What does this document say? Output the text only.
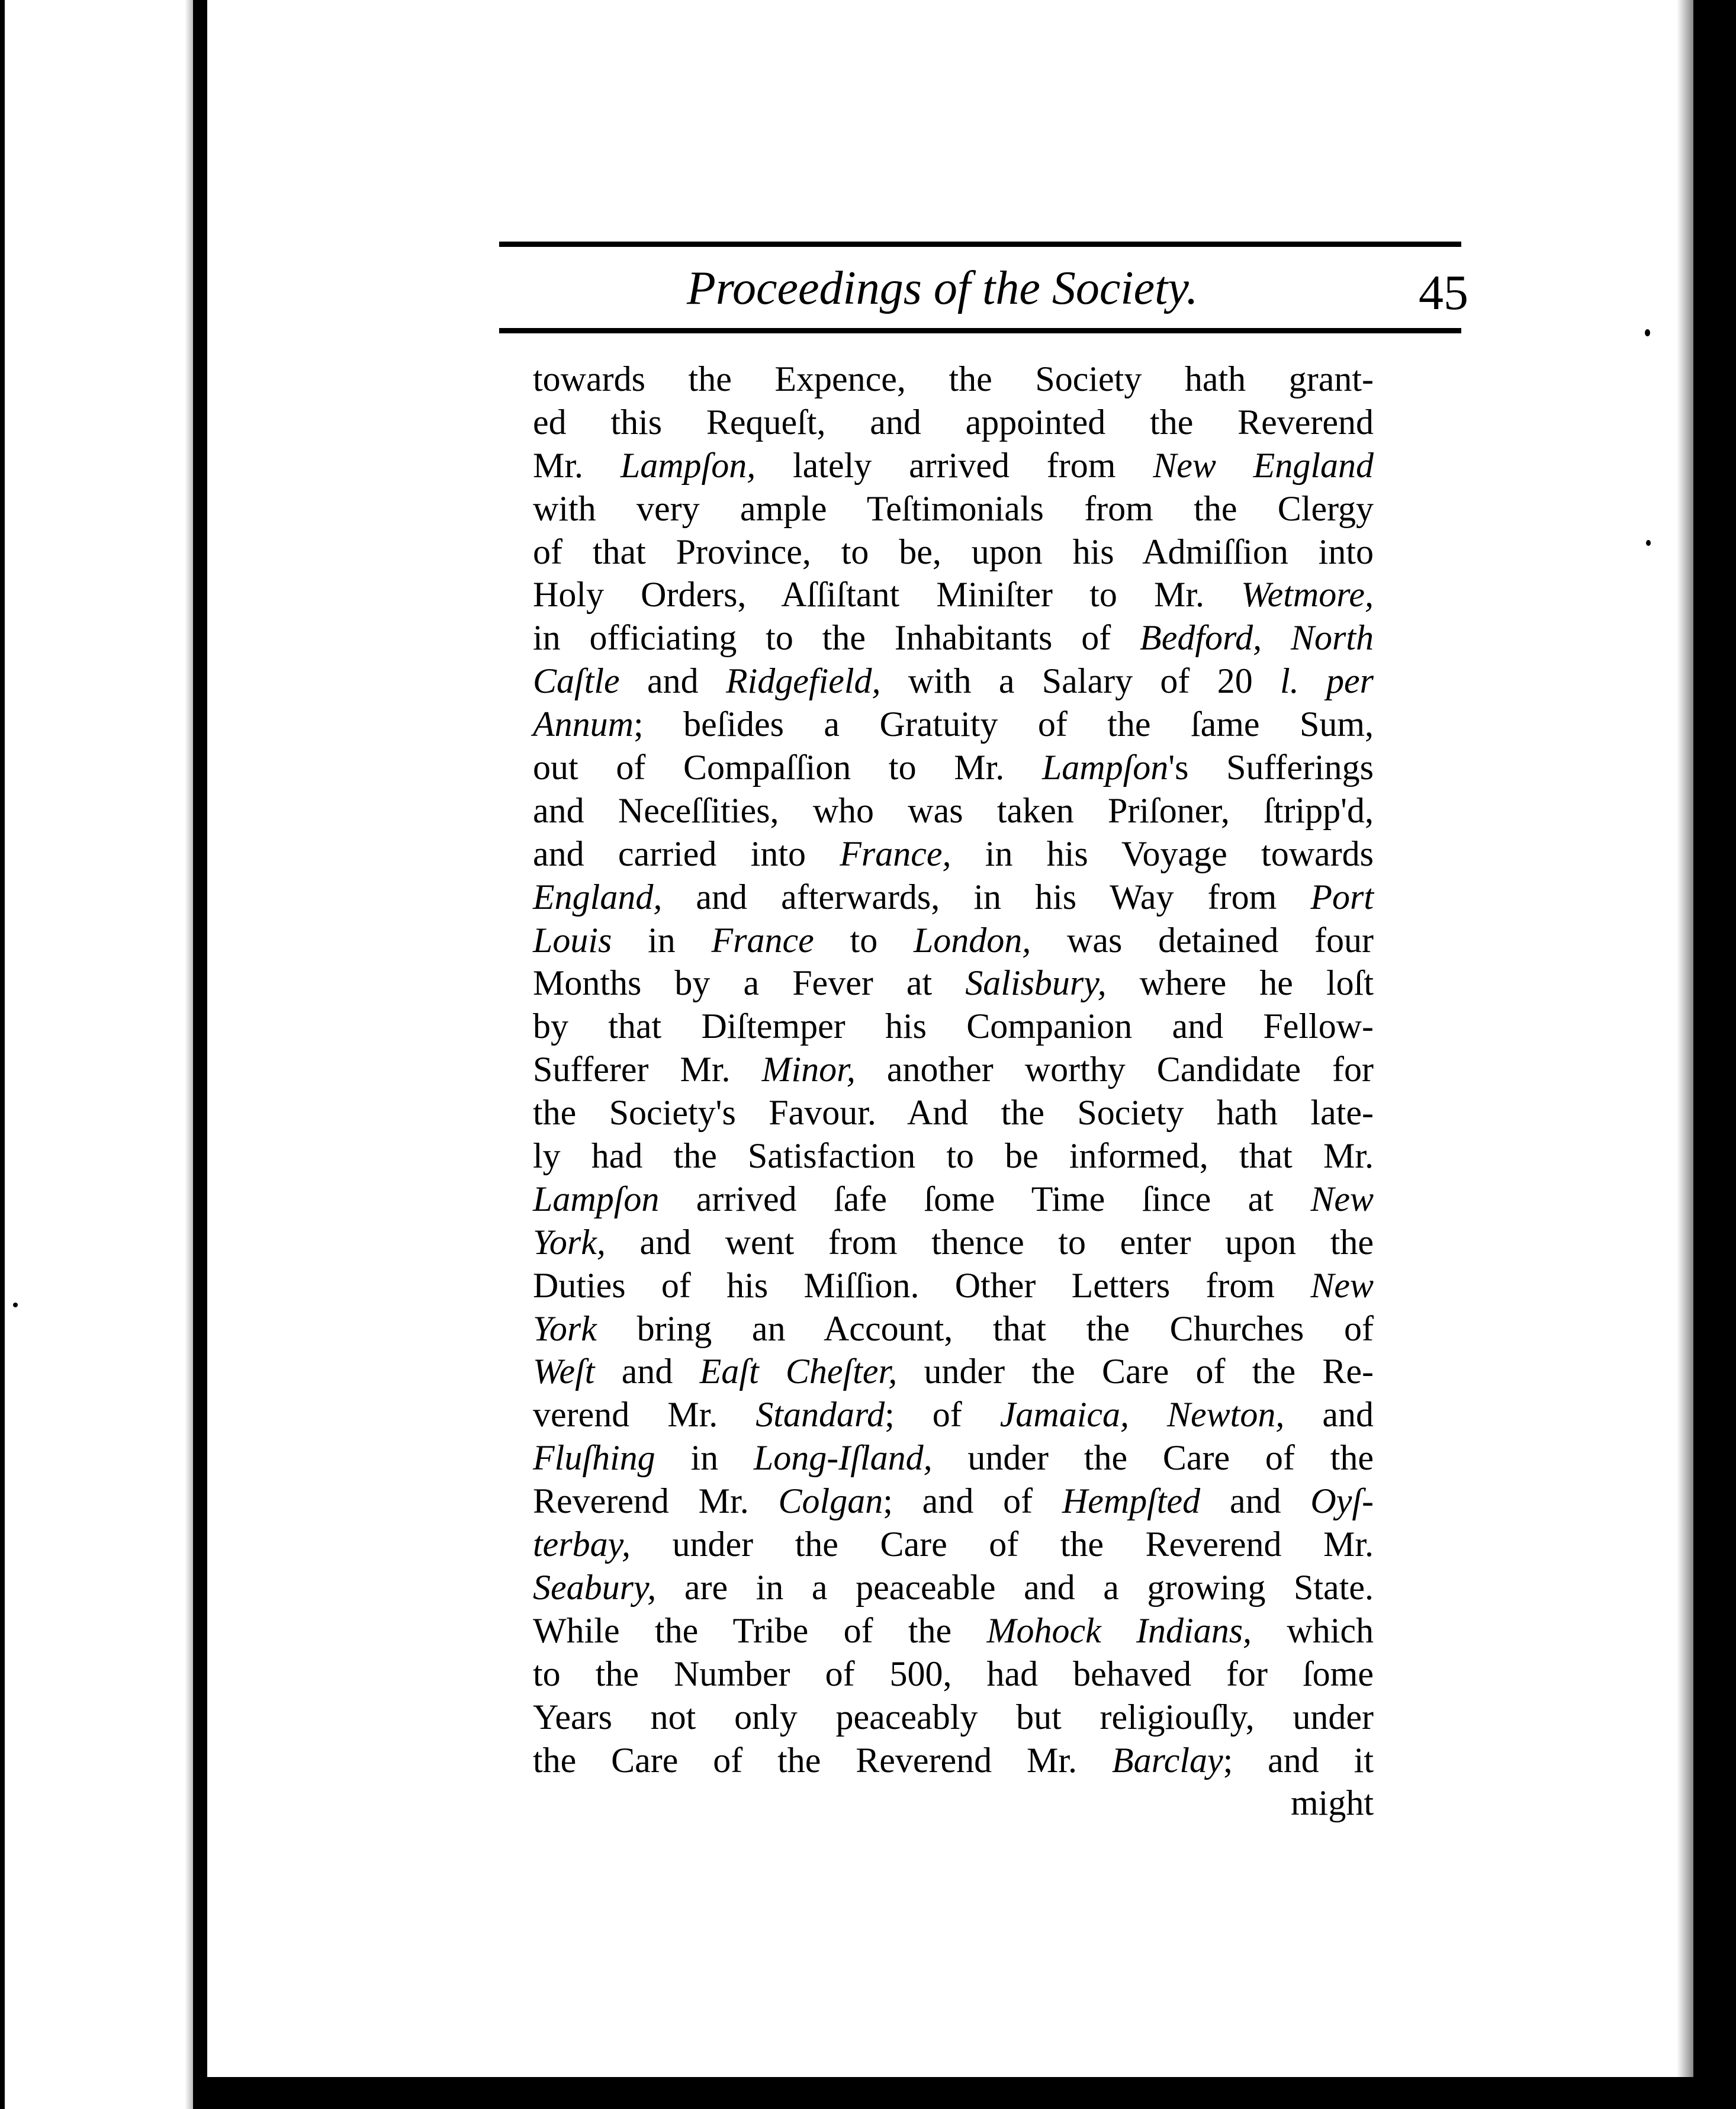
Proceedings of the Society.	45
towards the Expence, the Society hath grant-
ed this Requeſt, and appointed the Reverend
Mr. Lampſon, lately arrived from New England
with very ample Teſtimonials from the Clergy
of that Province, to be, upon his Admiſſion into
Holy Orders, Aſſiſtant Miniſter to Mr. Wetmore,
in officiating to the Inhabitants of Bedford, North
Caſtle and Ridgefield, with a Salary of 20 l. per
Annum; beſides a Gratuity of the ſame Sum,
out of Compaſſion to Mr. Lampſon's Sufferings
and Neceſſities, who was taken Priſoner, ſtripp'd,
and carried into France, in his Voyage towards
England, and afterwards, in his Way from Port
Louis in France to London, was detained four
Months by a Fever at Salisbury, where he loſt
by that Diſtemper his Companion and Fellow-
Sufferer Mr. Minor, another worthy Candidate for
the Society's Favour. And the Society hath late-
ly had the Satisfaction to be informed, that Mr.
Lampſon arrived ſafe ſome Time ſince at New
York, and went from thence to enter upon the
Duties of his Miſſion. Other Letters from New
York bring an Account, that the Churches of
Weſt and Eaſt Cheſter, under the Care of the Re-
verend Mr. Standard; of Jamaica, Newton, and
Fluſhing in Long-Iſland, under the Care of the
Reverend Mr. Colgan; and of Hempſted and Oyſ-
terbay, under the Care of the Reverend Mr.
Seabury, are in a peaceable and a growing State.
While the Tribe of the Mohock Indians, which
to the Number of 500, had behaved for ſome
Years not only peaceably but religiouſly, under
the Care of the Reverend Mr. Barclay; and it
might
